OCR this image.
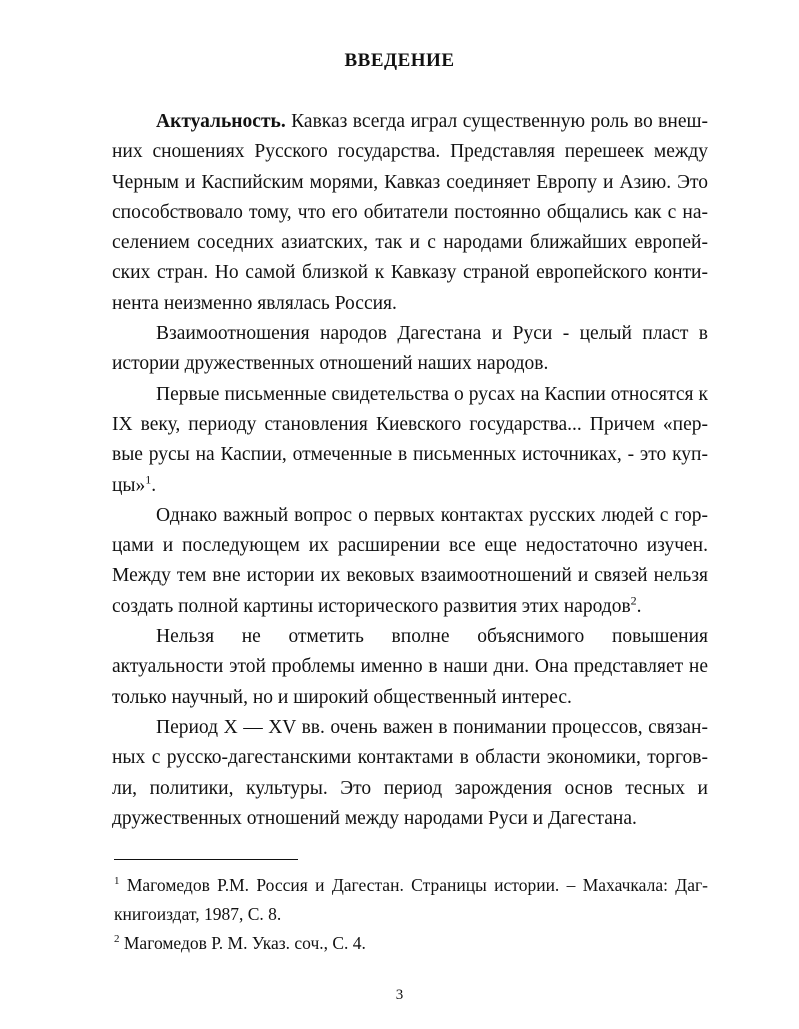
ВВЕДЕНИЕ

Актуальность. Кавказ всегда играл существенную роль во внешних сношениях Русского государства. Представляя перешеек между Черным и Каспийским морями, Кавказ соединяет Европу и Азию. Это способствовало тому, что его обитатели постоянно общались как с населением соседних азиатских, так и с народами ближайших европейских стран. Но самой близкой к Кавказу страной европейского континента неизменно являлась Россия.

Взаимоотношения народов Дагестана и Руси - целый пласт в истории дружественных отношений наших народов.

Первые письменные свидетельства о русах на Каспии относятся к IX веку, периоду становления Киевского государства... Причем «первые русы на Каспии, отмеченные в письменных источниках, - это купцы»$^1$.

Однако важный вопрос о первых контактах русских людей с горцами и последующем их расширении все еще недостаточно изучен. Между тем вне истории их вековых взаимоотношений и связей нельзя создать полной картины исторического развития этих народов$^2$.

Нельзя не отметить вполне объяснимого повышения актуальности этой проблемы именно в наши дни. Она представляет не только научный, но и широкий общественный интерес.

Период X — XV вв. очень важен в понимании процессов, связанных с русско-дагестанскими контактами в области экономики, торговли, политики, культуры. Это период зарождения основ тесных и дружественных отношений между народами Руси и Дагестана.

$^1$ Магомедов Р.М. Россия и Дагестан. Страницы истории. – Махачкала: Дагкнигоиздат, 1987, С. 8.

$^2$ Магомедов Р. М. Указ. соч., С. 4.

3
